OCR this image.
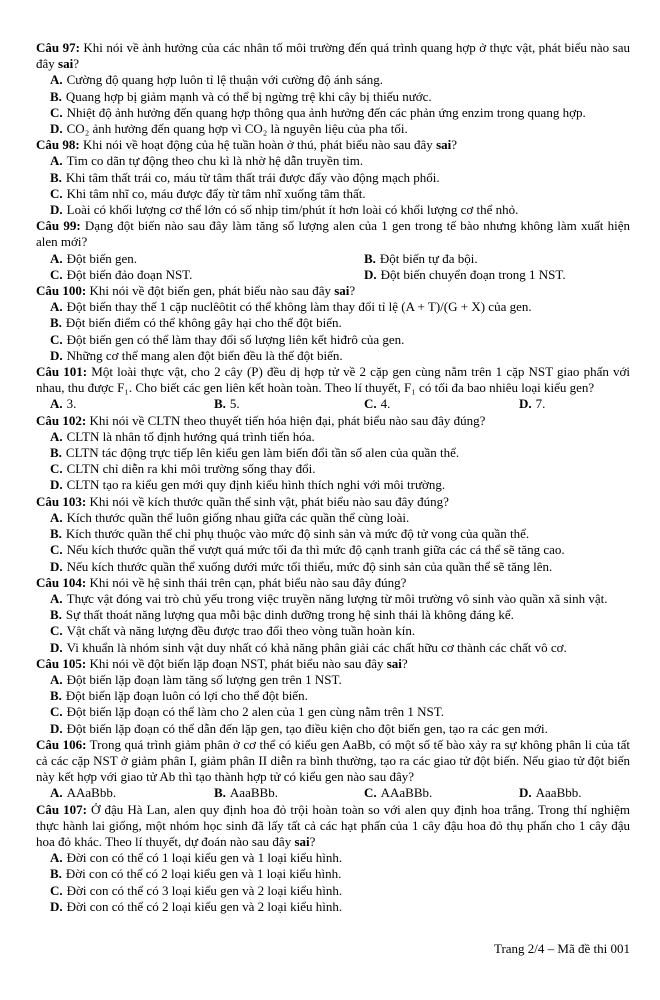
Câu 97: Khi nói về ảnh hưởng của các nhân tố môi trường đến quá trình quang hợp ở thực vật, phát biểu nào sau đây sai?

A. Cường độ quang hợp luôn tỉ lệ thuận với cường độ ánh sáng.
B. Quang hợp bị giảm mạnh và có thể bị ngừng trệ khi cây bị thiếu nước.
C. Nhiệt độ ảnh hưởng đến quang hợp thông qua ảnh hưởng đến các phản ứng enzim trong quang hợp.
D. CO₂ ảnh hưởng đến quang hợp vì CO₂ là nguyên liệu của pha tối.

Câu 98: Khi nói về hoạt động của hệ tuần hoàn ở thú, phát biểu nào sau đây sai?

A. Tim co dãn tự động theo chu kì là nhờ hệ dẫn truyền tim.
B. Khi tâm thất trái co, máu từ tâm thất trái được đẩy vào động mạch phổi.
C. Khi tâm nhĩ co, máu được đẩy từ tâm nhĩ xuống tâm thất.
D. Loài có khối lượng cơ thể lớn có số nhịp tim/phút ít hơn loài có khối lượng cơ thể nhỏ.

Câu 99: Dạng đột biến nào sau đây làm tăng số lượng alen của 1 gen trong tế bào nhưng không làm xuất hiện alen mới?

A. Đột biến gen.	B. Đột biến tự đa bội.
C. Đột biến đảo đoạn NST.	D. Đột biến chuyển đoạn trong 1 NST.

Câu 100: Khi nói về đột biến gen, phát biểu nào sau đây sai?

A. Đột biến thay thế 1 cặp nuclêôtit có thể không làm thay đổi tỉ lệ (A + T)/(G + X) của gen.
B. Đột biến điểm có thể không gây hại cho thể đột biến.
C. Đột biến gen có thể làm thay đổi số lượng liên kết hiđrô của gen.
D. Những cơ thể mang alen đột biến đều là thể đột biến.

Câu 101: Một loài thực vật, cho 2 cây (P) đều dị hợp tử về 2 cặp gen cùng nằm trên 1 cặp NST giao phấn với nhau, thu được F₁. Cho biết các gen liên kết hoàn toàn. Theo lí thuyết, F₁ có tối đa bao nhiêu loại kiểu gen?

A. 3.	B. 5.	C. 4.	D. 7.

Câu 102: Khi nói về CLTN theo thuyết tiến hóa hiện đại, phát biểu nào sau đây đúng?

A. CLTN là nhân tố định hướng quá trình tiến hóa.
B. CLTN tác động trực tiếp lên kiểu gen làm biến đổi tần số alen của quần thể.
C. CLTN chỉ diễn ra khi môi trường sống thay đổi.
D. CLTN tạo ra kiểu gen mới quy định kiểu hình thích nghi với môi trường.

Câu 103: Khi nói về kích thước quần thể sinh vật, phát biểu nào sau đây đúng?

A. Kích thước quần thể luôn giống nhau giữa các quần thể cùng loài.
B. Kích thước quần thể chỉ phụ thuộc vào mức độ sinh sản và mức độ tử vong của quần thể.
C. Nếu kích thước quần thể vượt quá mức tối đa thì mức độ cạnh tranh giữa các cá thể sẽ tăng cao.
D. Nếu kích thước quần thể xuống dưới mức tối thiểu, mức độ sinh sản của quần thể sẽ tăng lên.

Câu 104: Khi nói về hệ sinh thái trên cạn, phát biểu nào sau đây đúng?

A. Thực vật đóng vai trò chủ yếu trong việc truyền năng lượng từ môi trường vô sinh vào quần xã sinh vật.
B. Sự thất thoát năng lượng qua mỗi bậc dinh dưỡng trong hệ sinh thái là không đáng kể.
C. Vật chất và năng lượng đều được trao đổi theo vòng tuần hoàn kín.
D. Vi khuẩn là nhóm sinh vật duy nhất có khả năng phân giải các chất hữu cơ thành các chất vô cơ.

Câu 105: Khi nói về đột biến lặp đoạn NST, phát biểu nào sau đây sai?

A. Đột biến lặp đoạn làm tăng số lượng gen trên 1 NST.
B. Đột biến lặp đoạn luôn có lợi cho thể đột biến.
C. Đột biến lặp đoạn có thể làm cho 2 alen của 1 gen cùng nằm trên 1 NST.
D. Đột biến lặp đoạn có thể dẫn đến lặp gen, tạo điều kiện cho đột biến gen, tạo ra các gen mới.

Câu 106: Trong quá trình giảm phân ở cơ thể có kiểu gen AaBb, có một số tế bào xảy ra sự không phân li của tất cả các cặp NST ở giảm phân I, giảm phân II diễn ra bình thường, tạo ra các giao tử đột biến. Nếu giao tử đột biến này kết hợp với giao tử Ab thì tạo thành hợp tử có kiểu gen nào sau đây?

A. AAaBbb.	B. AaaBBb.	C. AAaBBb.	D. AaaBbb.

Câu 107: Ở đậu Hà Lan, alen quy định hoa đỏ trội hoàn toàn so với alen quy định hoa trắng. Trong thí nghiệm thực hành lai giống, một nhóm học sinh đã lấy tất cả các hạt phấn của 1 cây đậu hoa đỏ thụ phấn cho 1 cây đậu hoa đỏ khác. Theo lí thuyết, dự đoán nào sau đây sai?

A. Đời con có thể có 1 loại kiểu gen và 1 loại kiểu hình.
B. Đời con có thể có 2 loại kiểu gen và 1 loại kiểu hình.
C. Đời con có thể có 3 loại kiểu gen và 2 loại kiểu hình.
D. Đời con có thể có 2 loại kiểu gen và 2 loại kiểu hình.
Trang 2/4 – Mã đề thi 001
